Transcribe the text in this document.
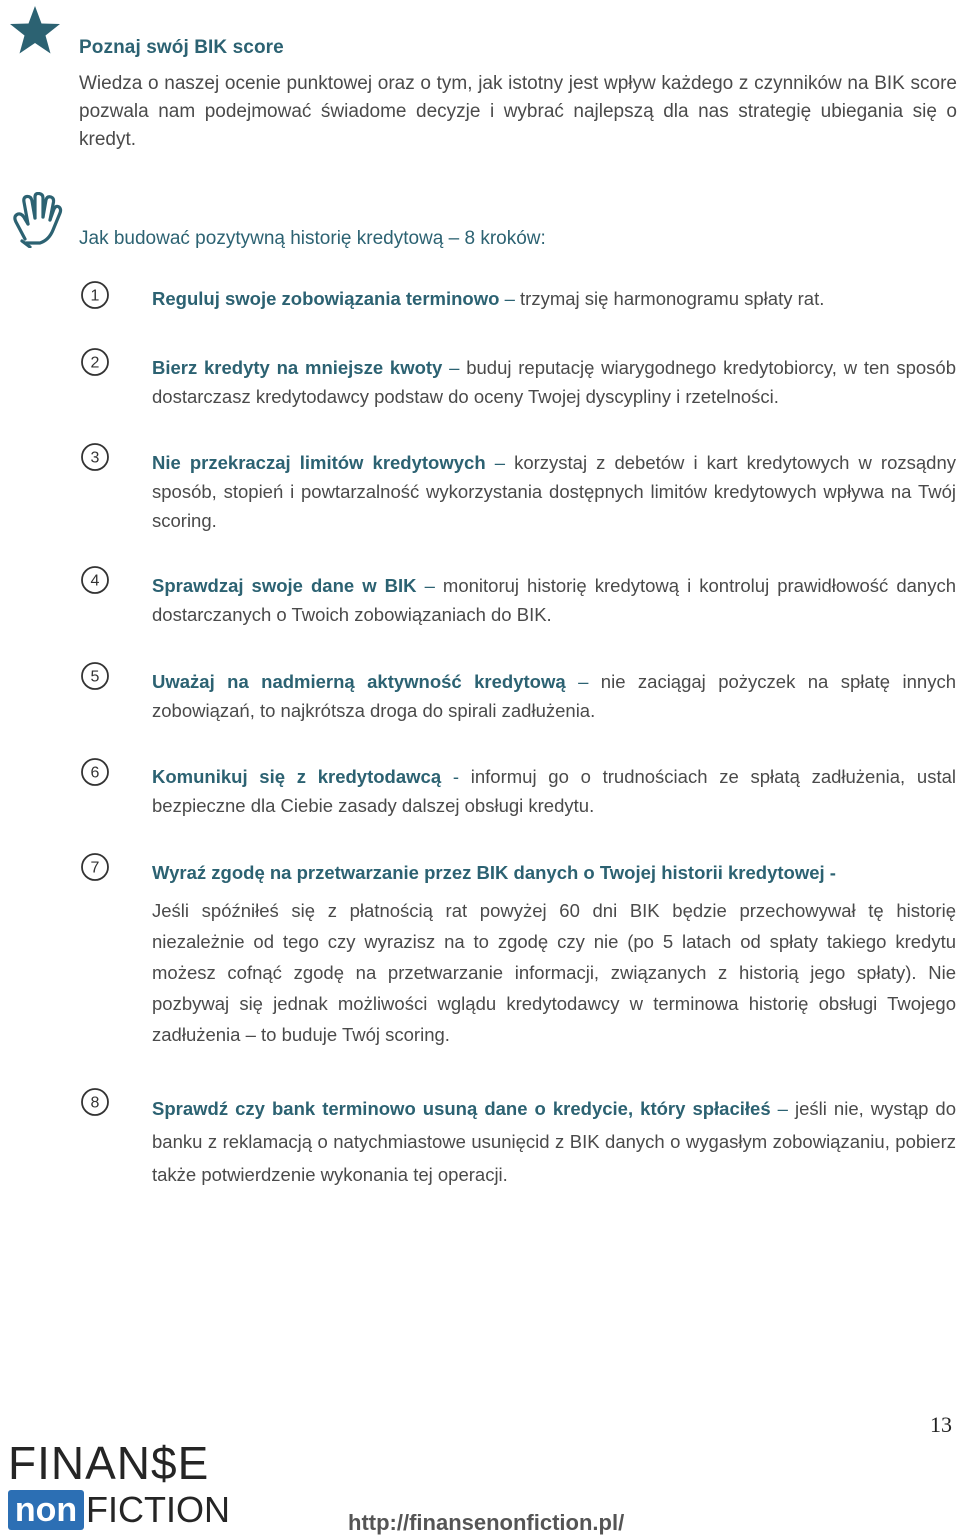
Poznaj swój BIK score
Wiedza o naszej ocenie punktowej oraz o tym, jak istotny jest wpływ każdego z czynników na BIK score pozwala nam podejmować świadome decyzje i wybrać najlepszą dla nas strategię ubiegania się o kredyt.
Jak budować pozytywną historię kredytową – 8 kroków:
1	Reguluj swoje zobowiązania terminowo – trzymaj się harmonogramu spłaty rat.
2	Bierz kredyty na mniejsze kwoty – buduj reputację wiarygodnego kredytobiorcy, w ten sposób dostarczasz kredytodawcy podstaw do oceny Twojej dyscypliny i rzetelności.
3	Nie przekraczaj limitów kredytowych – korzystaj z debetów i kart kredytowych w rozsądny sposób, stopień i powtarzalność wykorzystania dostępnych limitów kredytowych wpływa na Twój scoring.
4	Sprawdzaj swoje dane w BIK – monitoruj historię kredytową i kontroluj prawidłowość danych dostarczanych o Twoich zobowiązaniach do BIK.
5	Uważaj na nadmierną aktywność kredytową – nie zaciągaj pożyczek na spłatę innych zobowiązań, to najkrótsza droga do spirali zadłużenia.
6	Komunikuj się z kredytodawcą - informuj go o trudnościach ze spłatą zadłużenia, ustal bezpieczne dla Ciebie zasady dalszej obsługi kredytu.
7	Wyraź zgodę na przetwarzanie przez BIK danych o Twojej historii kredytowej -
Jeśli spóźniłeś się z płatnością rat powyżej 60 dni BIK będzie przechowywał tę historię niezależnie od tego czy wyrazisz na to zgodę czy nie (po 5 latach od spłaty takiego kredytu możesz cofnąć zgodę na przetwarzanie informacji, związanych z historią jego spłaty). Nie pozbywaj się jednak możliwości wglądu kredytodawcy w terminowa historię obsługi Twojego zadłużenia – to buduje Twój scoring.
8	Sprawdź czy bank terminowo usuną dane o kredycie, który spłaciłeś – jeśli nie, wystąp do banku z reklamacją o natychmiastowe usunięcid z BIK danych o wygasłym zobowiązaniu, pobierz także potwierdzenie wykonania tej operacji.
13
FINAN$E
non FICTION	http://finansenonfiction.pl/
